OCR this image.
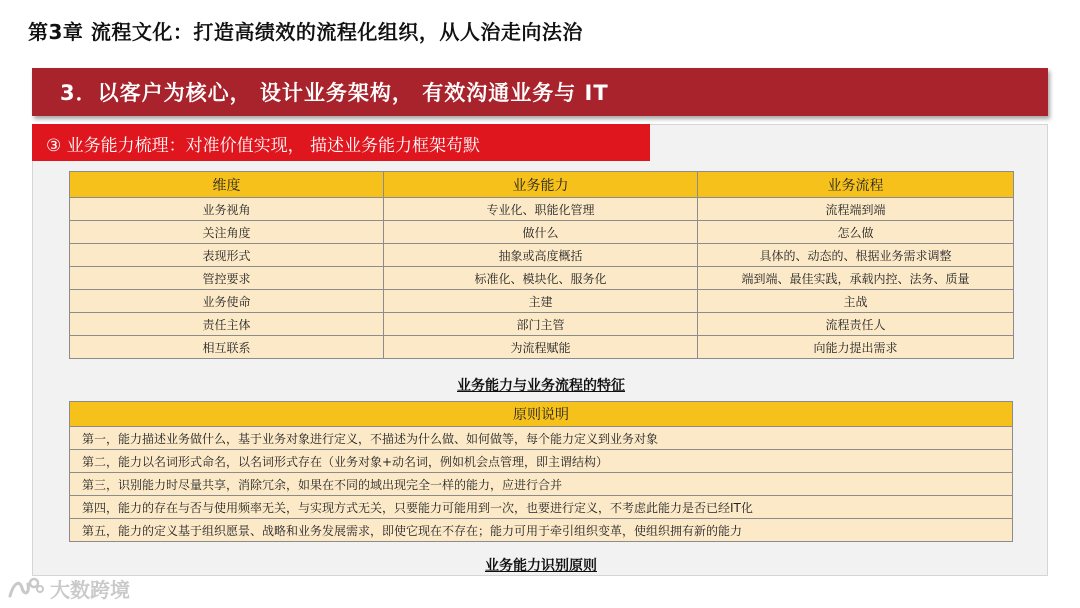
第3章 流程文化：打造高绩效的流程化组织，从人治走向法治
3．以客户为核心， 设计业务架构， 有效沟通业务与 IT
③ 业务能力梳理：对准价值实现， 描述业务能力框架苟默
维度	业务能力	业务流程
业务视角	专业化、职能化管理	流程端到端
关注角度	做什么	怎么做
表现形式	抽象或高度概括	具体的、动态的、根据业务需求调整
管控要求	标准化、模块化、服务化	端到端、最佳实践，承载内控、法务、质量
业务使命	主建	主战
责任主体	部门主管	流程责任人
相互联系	为流程赋能	向能力提出需求
业务能力与业务流程的特征
原则说明
第一，能力描述业务做什么，基于业务对象进行定义，不描述为什么做、如何做等，每个能力定义到业务对象
第二，能力以名词形式命名，以名词形式存在（业务对象+动名词，例如机会点管理，即主谓结构）
第三，识别能力时尽量共享，消除冗余，如果在不同的域出现完全一样的能力，应进行合并
第四，能力的存在与否与使用频率无关，与实现方式无关，只要能力可能用到一次，也要进行定义，不考虑此能力是否已经IT化
第五，能力的定义基于组织愿景、战略和业务发展需求，即使它现在不存在；能力可用于牵引组织变革，使组织拥有新的能力
业务能力识别原则
大数跨境
